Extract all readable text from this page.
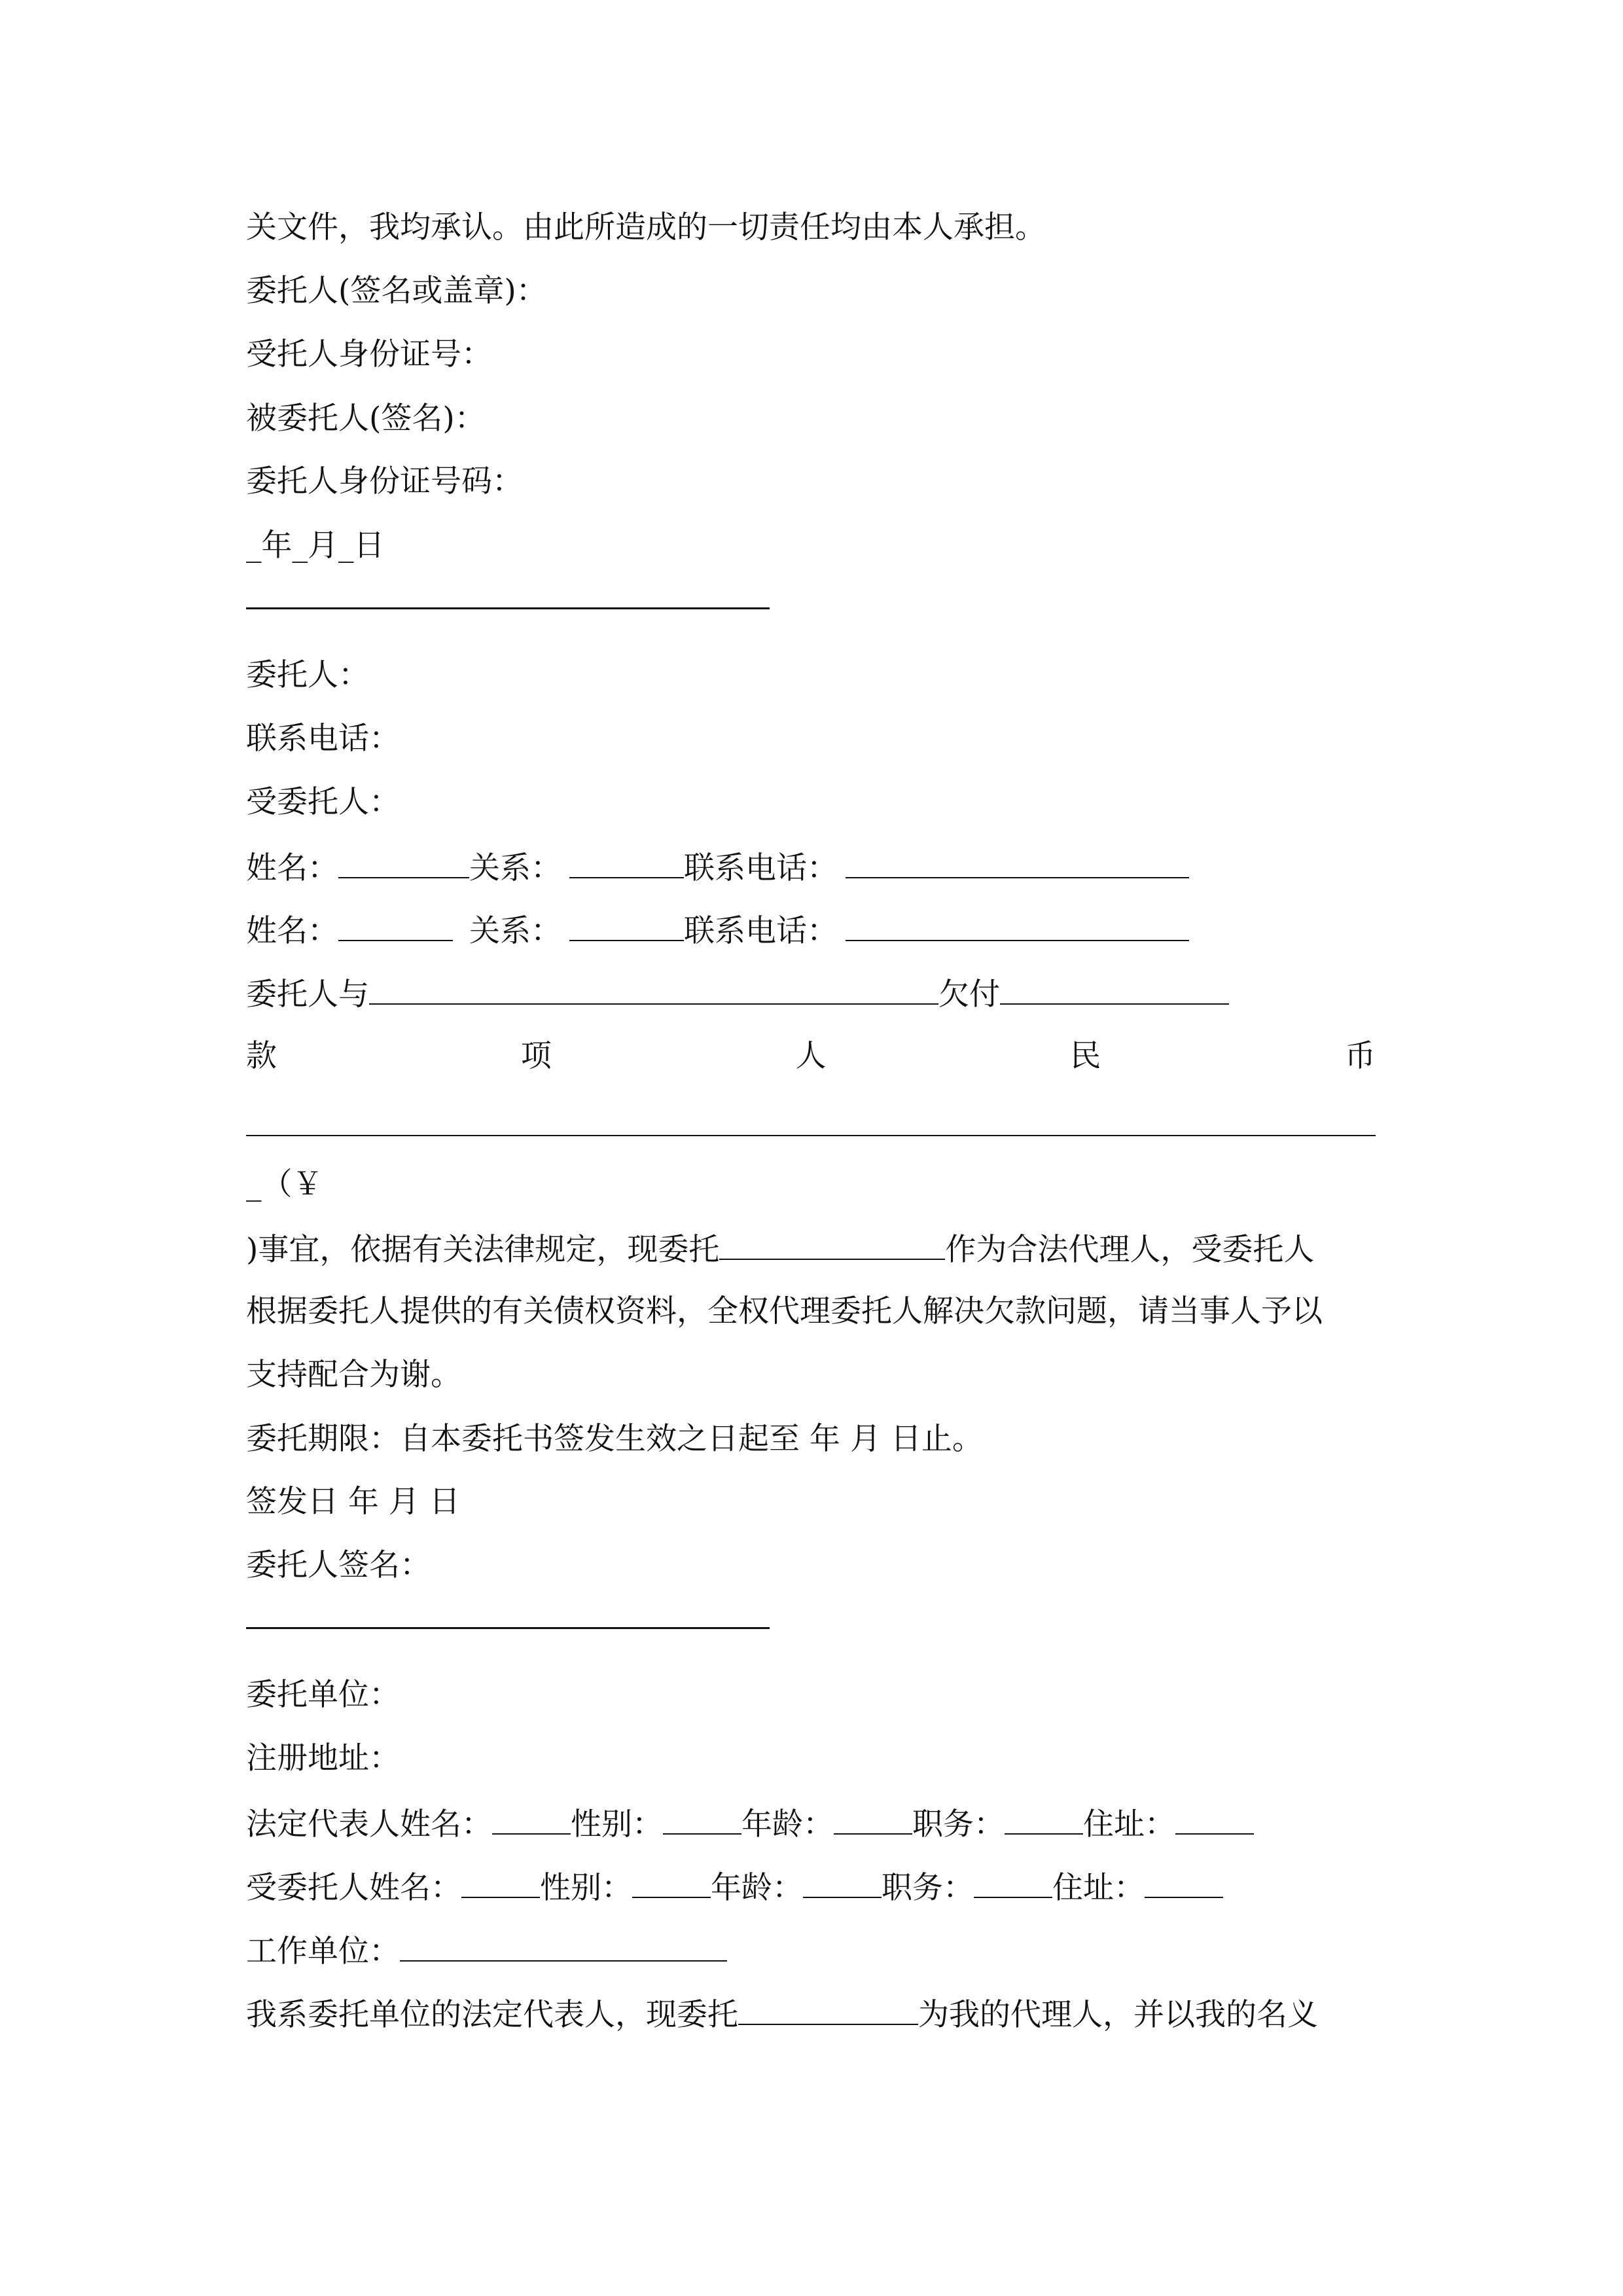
关文件，我均承认。由此所造成的一切责任均由本人承担。
委托人(签名或盖章)：
受托人身份证号：
被委托人(签名)：
委托人身份证号码：
_年_月_日
委托人：
联系电话：
受委托人：
姓名：	关系：	联系电话：
姓名：	关系：	联系电话：
委托人与	欠付
款	项	人	民	币
_（￥
)事宜，依据有关法律规定，现委托	作为合法代理人，受委托人
根据委托人提供的有关债权资料，全权代理委托人解决欠款问题，请当事人予以
支持配合为谢。
委托期限：自本委托书签发生效之日起至 年 月 日止。
签发日 年 月 日
委托人签名：
委托单位：
注册地址：
法定代表人姓名：	性别：	年龄：	职务：	住址：
受委托人姓名：	性别：	年龄：	职务：	住址：
工作单位：
我系委托单位的法定代表人，现委托	为我的代理人，并以我的名义
